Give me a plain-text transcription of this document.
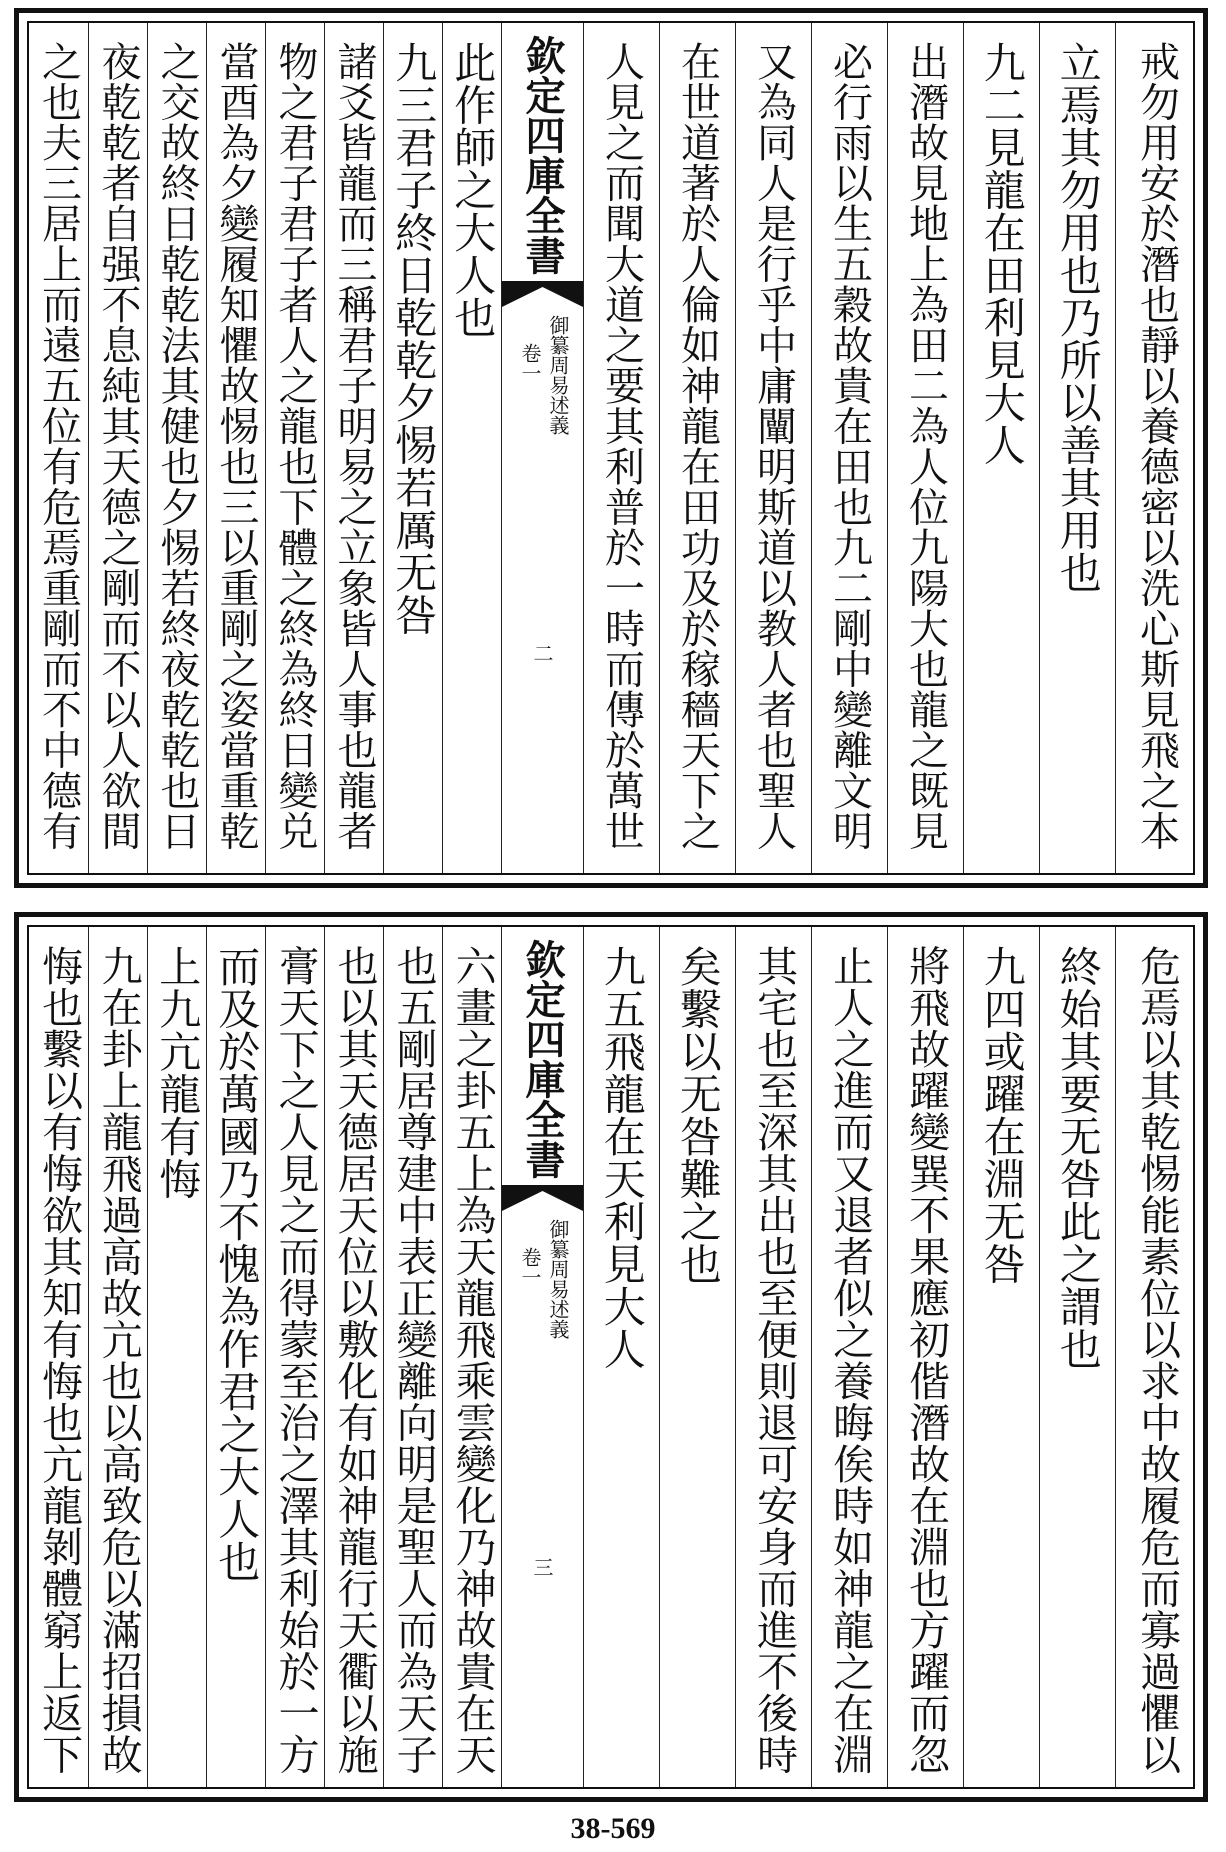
之也夫三居上而遠五位有危焉重剛而不中德有 夜乾乾者自强不息純其天德之剛而不以人欲間 之交故終日乾乾法其健也夕惕若終夜乾乾也日 當酉為夕變履知懼故惕也三以重剛之姿當重乾 物之君子君子者人之龍也下體之終為終日變兑 諸爻皆龍而三稱君子明易之立象皆人事也龍者 九三君子終日乾乾夕惕若厲无咎 此作師之大人也 欽定四庫全書
御纂周易述義
卷一
二 人見之而聞大道之要其利普於一時而傳於萬世 在世道著於人倫如神龍在田功及於稼穡天下之 又為同人是行乎中庸闡明斯道以教人者也聖人 必行雨以生五穀故貴在田也九二剛中變離文明 出潛故見地上為田二為人位九陽大也龍之既見 九二見龍在田利見大人 立焉其勿用也乃所以善其用也 戒勿用安於潛也靜以養德密以洗心斯見飛之本
悔也繫以有悔欲其知有悔也亢龍剝體窮上返下 九在卦上龍飛過高故亢也以高致危以滿招損故 上九亢龍有悔 而及於萬國乃不愧為作君之大人也 膏天下之人見之而得蒙至治之澤其利始於一方 也以其天德居天位以敷化有如神龍行天衢以施 也五剛居尊建中表正變離向明是聖人而為天子 六畫之卦五上為天龍飛乘雲變化乃神故貴在天 欽定四庫全書
御纂周易述義
卷一
三
九五飛龍在天利見大人 矣繫以无咎難之也 其宅也至深其出也至便則退可安身而進不後時 止人之進而又退者似之養晦俟時如神龍之在淵 將飛故躍變巽不果應初偕潛故在淵也方躍而忽 九四或躍在淵无咎 終始其要无咎此之謂也 危焉以其乾惕能素位以求中故履危而寡過懼以
38-569
